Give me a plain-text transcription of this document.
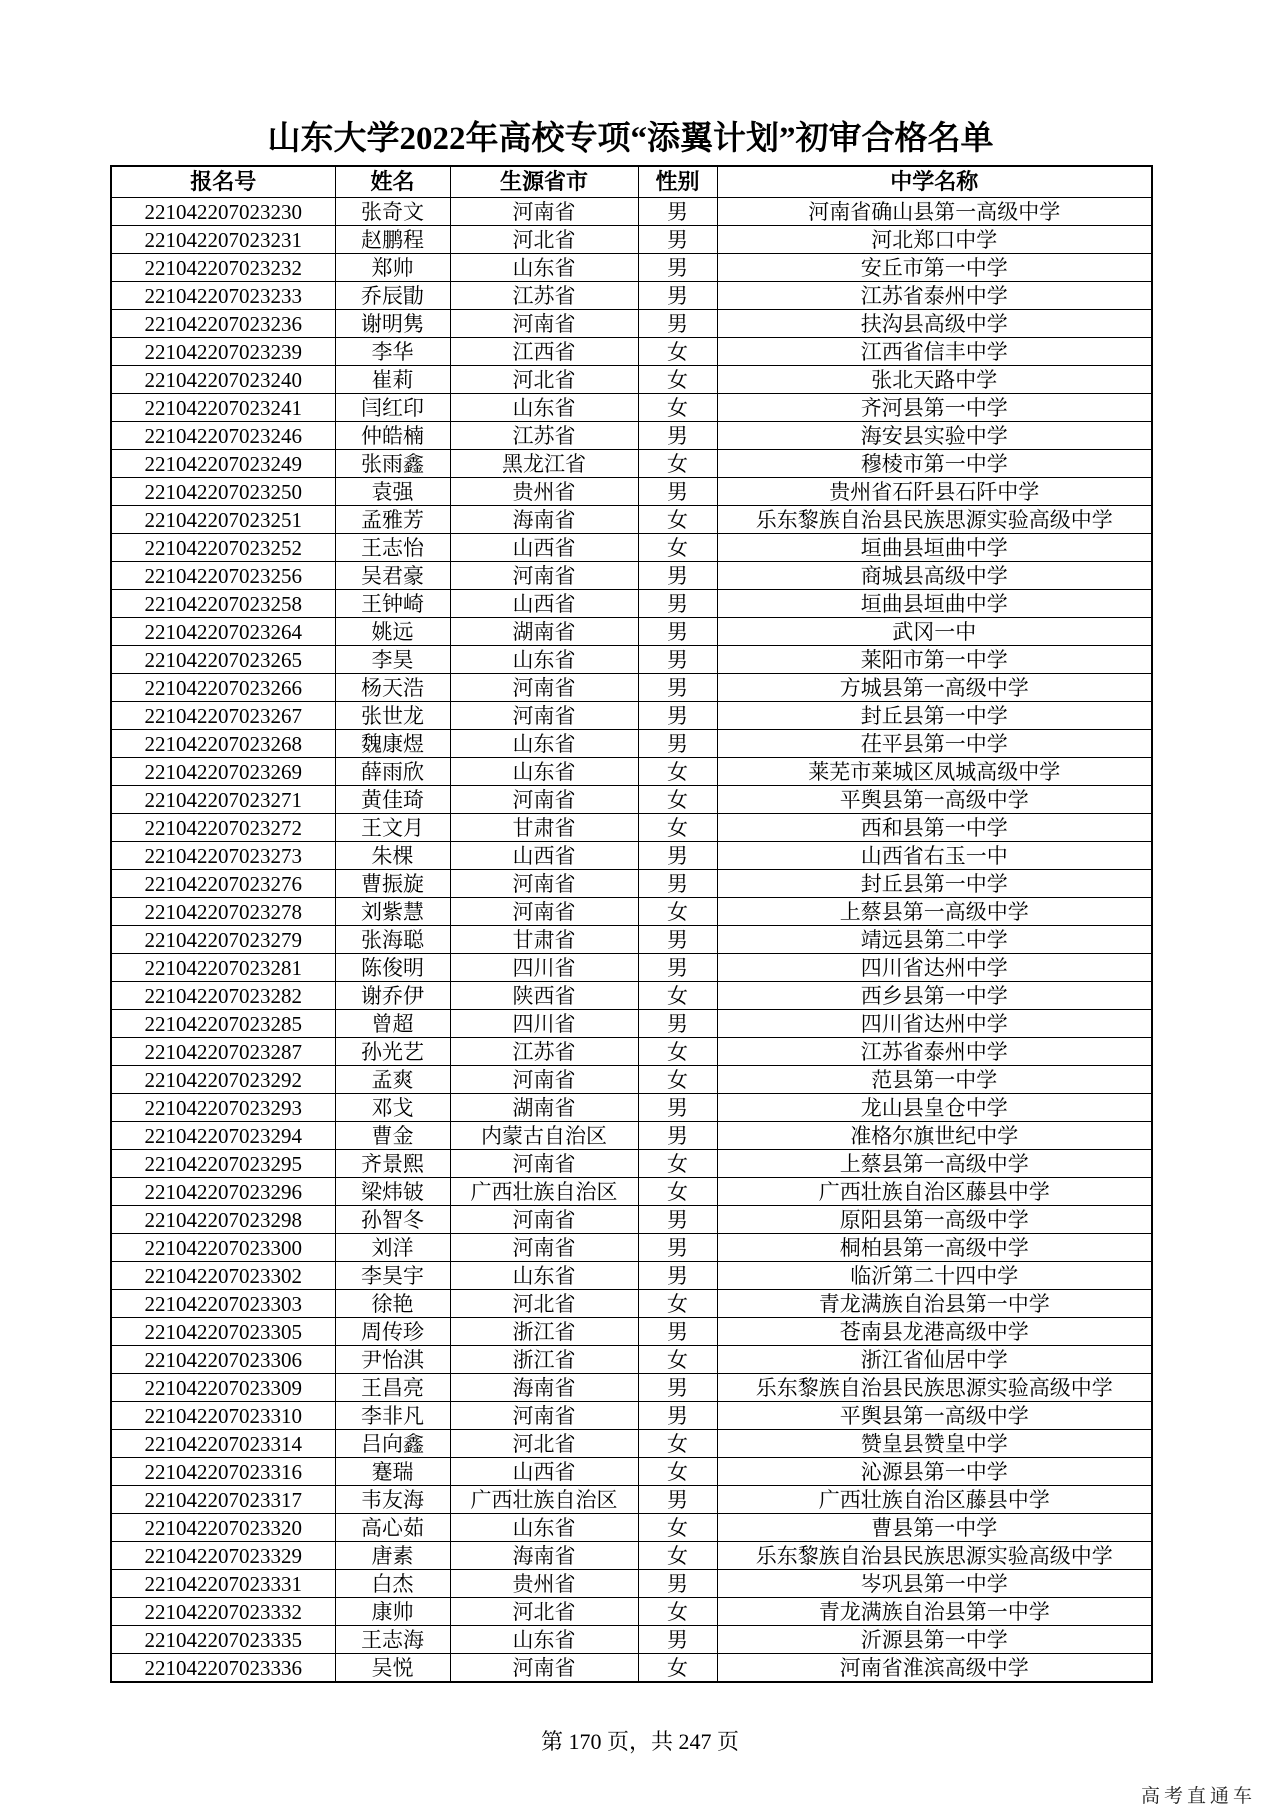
山东大学2022年高校专项“添翼计划”初审合格名单
报名号	姓名	生源省市	性别	中学名称
221042207023230	张奇文	河南省	男	河南省确山县第一高级中学
221042207023231	赵鹏程	河北省	男	河北郑口中学
221042207023232	郑帅	山东省	男	安丘市第一中学
221042207023233	乔辰勖	江苏省	男	江苏省泰州中学
221042207023236	谢明隽	河南省	男	扶沟县高级中学
221042207023239	李华	江西省	女	江西省信丰中学
221042207023240	崔莉	河北省	女	张北天路中学
221042207023241	闫红印	山东省	女	齐河县第一中学
221042207023246	仲皓楠	江苏省	男	海安县实验中学
221042207023249	张雨鑫	黑龙江省	女	穆棱市第一中学
221042207023250	袁强	贵州省	男	贵州省石阡县石阡中学
221042207023251	孟雅芳	海南省	女	乐东黎族自治县民族思源实验高级中学
221042207023252	王志怡	山西省	女	垣曲县垣曲中学
221042207023256	吴君豪	河南省	男	商城县高级中学
221042207023258	王钟崎	山西省	男	垣曲县垣曲中学
221042207023264	姚远	湖南省	男	武冈一中
221042207023265	李昊	山东省	男	莱阳市第一中学
221042207023266	杨天浩	河南省	男	方城县第一高级中学
221042207023267	张世龙	河南省	男	封丘县第一中学
221042207023268	魏康煜	山东省	男	茌平县第一中学
221042207023269	薛雨欣	山东省	女	莱芜市莱城区凤城高级中学
221042207023271	黄佳琦	河南省	女	平舆县第一高级中学
221042207023272	王文月	甘肃省	女	西和县第一中学
221042207023273	朱棵	山西省	男	山西省右玉一中
221042207023276	曹振旋	河南省	男	封丘县第一中学
221042207023278	刘紫慧	河南省	女	上蔡县第一高级中学
221042207023279	张海聪	甘肃省	男	靖远县第二中学
221042207023281	陈俊明	四川省	男	四川省达州中学
221042207023282	谢乔伊	陕西省	女	西乡县第一中学
221042207023285	曾超	四川省	男	四川省达州中学
221042207023287	孙光艺	江苏省	女	江苏省泰州中学
221042207023292	孟爽	河南省	女	范县第一中学
221042207023293	邓戈	湖南省	男	龙山县皇仓中学
221042207023294	曹金	内蒙古自治区	男	准格尔旗世纪中学
221042207023295	齐景熙	河南省	女	上蔡县第一高级中学
221042207023296	梁炜铍	广西壮族自治区	女	广西壮族自治区藤县中学
221042207023298	孙智冬	河南省	男	原阳县第一高级中学
221042207023300	刘洋	河南省	男	桐柏县第一高级中学
221042207023302	李昊宇	山东省	男	临沂第二十四中学
221042207023303	徐艳	河北省	女	青龙满族自治县第一中学
221042207023305	周传珍	浙江省	男	苍南县龙港高级中学
221042207023306	尹怡淇	浙江省	女	浙江省仙居中学
221042207023309	王昌亮	海南省	男	乐东黎族自治县民族思源实验高级中学
221042207023310	李非凡	河南省	男	平舆县第一高级中学
221042207023314	吕向鑫	河北省	女	赞皇县赞皇中学
221042207023316	蹇瑞	山西省	女	沁源县第一中学
221042207023317	韦友海	广西壮族自治区	男	广西壮族自治区藤县中学
221042207023320	高心茹	山东省	女	曹县第一中学
221042207023329	唐素	海南省	女	乐东黎族自治县民族思源实验高级中学
221042207023331	白杰	贵州省	男	岑巩县第一中学
221042207023332	康帅	河北省	女	青龙满族自治县第一中学
221042207023335	王志海	山东省	男	沂源县第一中学
221042207023336	吴悦	河南省	女	河南省淮滨高级中学
第 170 页，共 247 页
高考直通车
